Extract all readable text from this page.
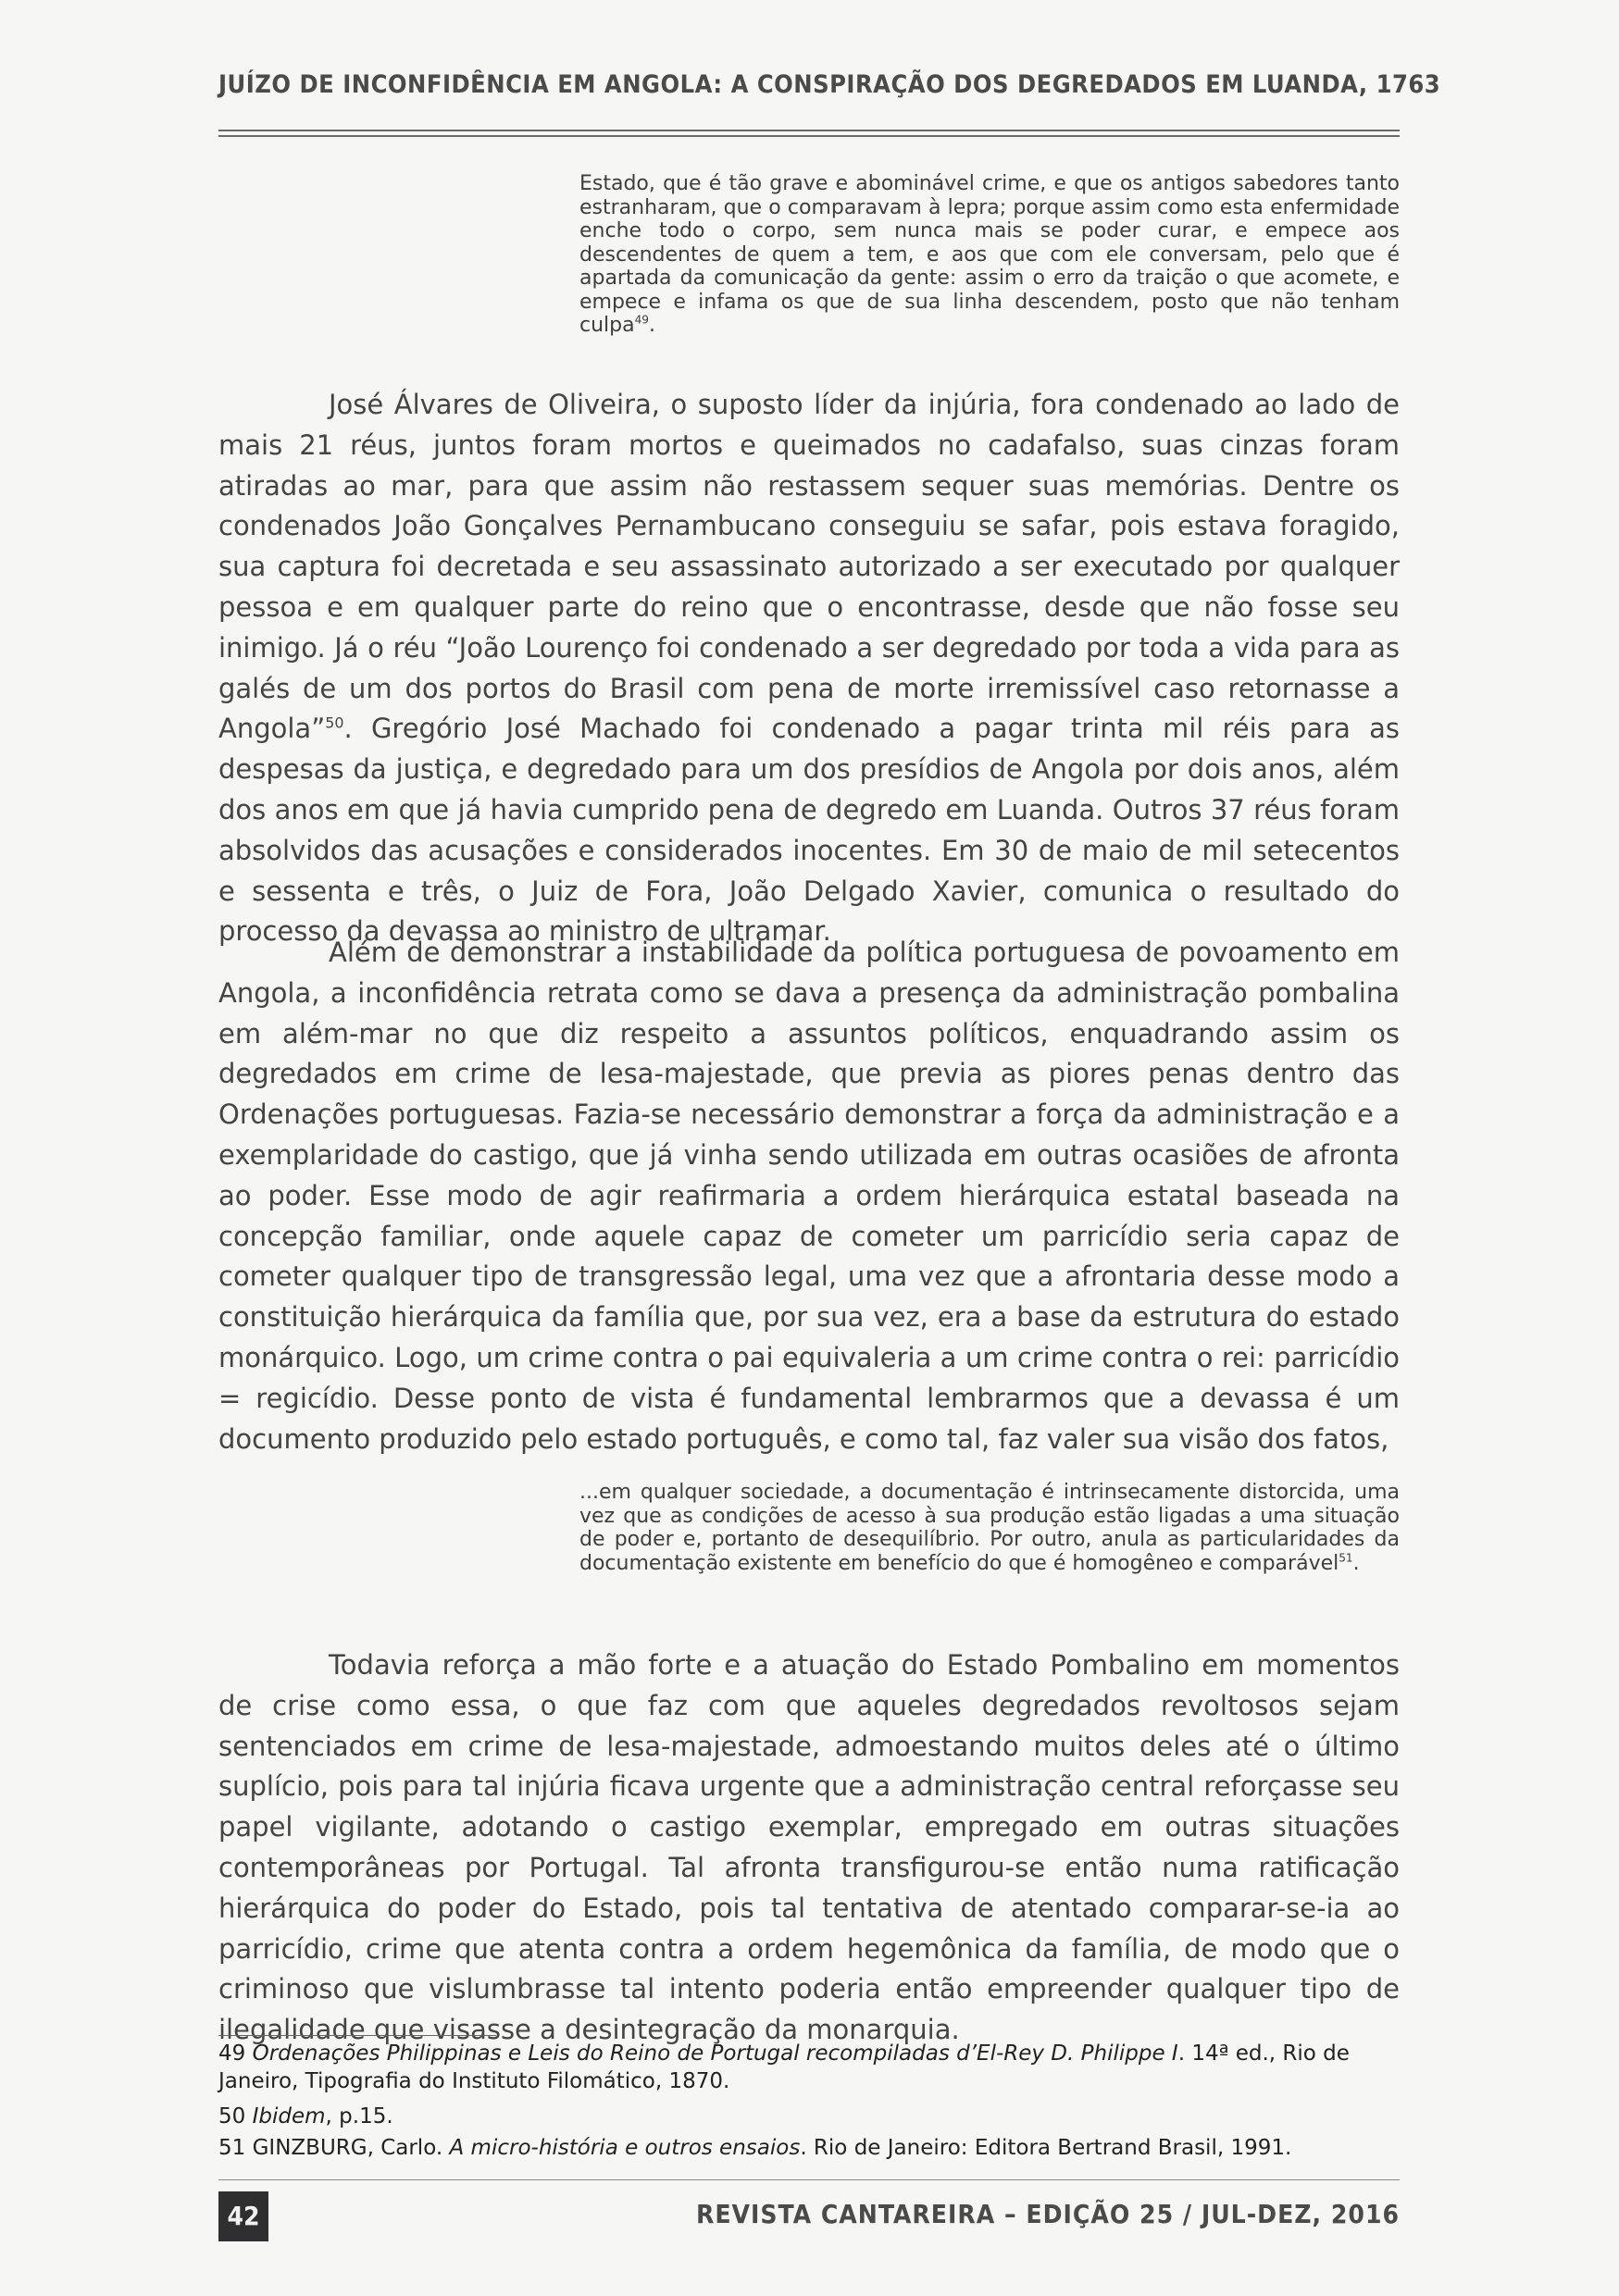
JUÍZO DE INCONFIDÊNCIA EM ANGOLA: A CONSPIRAÇÃO DOS DEGREDADOS EM LUANDA, 1763
Estado, que é tão grave e abominável crime, e que os antigos sabedores tanto estranharam, que o comparavam à lepra; porque assim como esta enfermidade enche todo o corpo, sem nunca mais se poder curar, e empece aos descendentes de quem a tem, e aos que com ele conversam, pelo que é apartada da comunicação da gente: assim o erro da traição o que acomete, e empece e infama os que de sua linha descendem, posto que não tenham culpa$^{49}$.

José Álvares de Oliveira, o suposto líder da injúria, fora condenado ao lado de mais 21 réus, juntos foram mortos e queimados no cadafalso, suas cinzas foram atiradas ao mar, para que assim não restassem sequer suas memórias. Dentre os condenados João Gonçalves Pernambucano conseguiu se safar, pois estava foragido, sua captura foi decretada e seu assassinato autorizado a ser executado por qualquer pessoa e em qualquer parte do reino que o encontrasse, desde que não fosse seu inimigo. Já o réu “João Lourenço foi condenado a ser degredado por toda a vida para as galés de um dos portos do Brasil com pena de morte irremissível caso retornasse a Angola”$^{50}$. Gregório José Machado foi condenado a pagar trinta mil réis para as despesas da justiça, e degredado para um dos presídios de Angola por dois anos, além dos anos em que já havia cumprido pena de degredo em Luanda. Outros 37 réus foram absolvidos das acusações e considerados inocentes. Em 30 de maio de mil setecentos e sessenta e três, o Juiz de Fora, João Delgado Xavier, comunica o resultado do processo da devassa ao ministro de ultramar.

Além de demonstrar a instabilidade da política portuguesa de povoamento em Angola, a inconfidência retrata como se dava a presença da administração pombalina em além-mar no que diz respeito a assuntos políticos, enquadrando assim os degredados em crime de lesa-majestade, que previa as piores penas dentro das Ordenações portuguesas. Fazia-se necessário demonstrar a força da administração e a exemplaridade do castigo, que já vinha sendo utilizada em outras ocasiões de afronta ao poder. Esse modo de agir reafirmaria a ordem hierárquica estatal baseada na concepção familiar, onde aquele capaz de cometer um parricídio seria capaz de cometer qualquer tipo de transgressão legal, uma vez que a afrontaria desse modo a constituição hierárquica da família que, por sua vez, era a base da estrutura do estado monárquico. Logo, um crime contra o pai equivaleria a um crime contra o rei: parricídio = regicídio. Desse ponto de vista é fundamental lembrarmos que a devassa é um documento produzido pelo estado português, e como tal, faz valer sua visão dos fatos,

...em qualquer sociedade, a documentação é intrinsecamente distorcida, uma vez que as condições de acesso à sua produção estão ligadas a uma situação de poder e, portanto de desequilíbrio. Por outro, anula as particularidades da documentação existente em benefício do que é homogêneo e comparável$^{51}$.

Todavia reforça a mão forte e a atuação do Estado Pombalino em momentos de crise como essa, o que faz com que aqueles degredados revoltosos sejam sentenciados em crime de lesa-majestade, admoestando muitos deles até o último suplício, pois para tal injúria ficava urgente que a administração central reforçasse seu papel vigilante, adotando o castigo exemplar, empregado em outras situações contemporâneas por Portugal. Tal afronta transfigurou-se então numa ratificação hierárquica do poder do Estado, pois tal tentativa de atentado comparar-se-ia ao parricídio, crime que atenta contra a ordem hegemônica da família, de modo que o criminoso que vislumbrasse tal intento poderia então empreender qualquer tipo de ilegalidade que visasse a desintegração da monarquia.

49 Ordenações Philippinas e Leis do Reino de Portugal recompiladas d’El-Rey D. Philippe I. 14ª ed., Rio de Janeiro, Tipografia do Instituto Filomático, 1870.

50 Ibidem, p.15.

51 GINZBURG, Carlo. A micro-história e outros ensaios. Rio de Janeiro: Editora Bertrand Brasil, 1991.

42	REVISTA CANTAREIRA – EDIÇÃO 25 / JUL-DEZ, 2016
